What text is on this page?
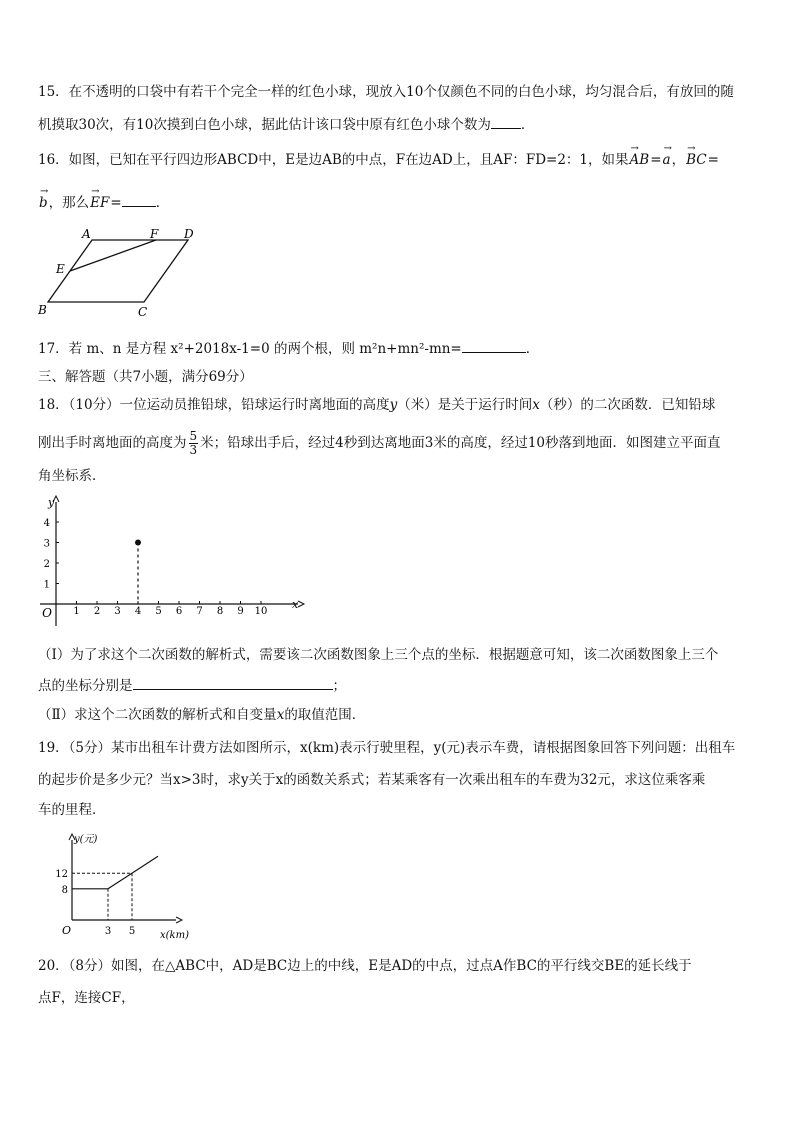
15．在不透明的口袋中有若干个完全一样的红色小球，现放入10个仅颜色不同的白色小球，均匀混合后，有放回的随
机摸取30次，有10次摸到白色小球，据此估计该口袋中原有红色小球个数为 ．
16．如图，已知在平行四边形ABCD中，E是边AB的中点，F在边AD上，且AF：FD=2：1，如果→ AB=→ a，→ BC=
→ b，那么→ EF=	．
A	F D
E
B	C
17．若 m、n 是方程 x²+2018x-1=0 的两个根，则 m²n+mn²-mn=	．
三、解答题（共7小题，满分69分）
18．（10分）一位运动员推铅球，铅球运行时离地面的高度y（米）是关于运行时间x（秒）的二次函数．已知铅球
刚出手时离地面的高度为 $\frac{5}{3}$ 米；铅球出手后，经过4秒到达离地面3米的高度，经过10秒落到地面．如图建立平面直
角坐标系．
y
x
O 1 2 3 4 5 6 7 8 9 10
1
2
3
4
（Ⅰ）为了求这个二次函数的解析式，需要该二次函数图象上三个点的坐标．根据题意可知，该二次函数图象上三个
点的坐标分别是	；
（Ⅱ）求这个二次函数的解析式和自变量x的取值范围．
19．（5分）某市出租车计费方法如图所示，x(km)表示行驶里程，y(元)表示车费，请根据图象回答下列问题：出租车
的起步价是多少元？当x>3时，求y关于x的函数关系式；若某乘客有一次乘出租车的车费为32元，求这位乘客乘
车的里程．
y(元)
x(km)
O
8
12
3 5
20．（8分）如图，在△ABC中，AD是BC边上的中线，E是AD的中点，过点A作BC的平行线交BE的延长线于
点F，连接CF，
